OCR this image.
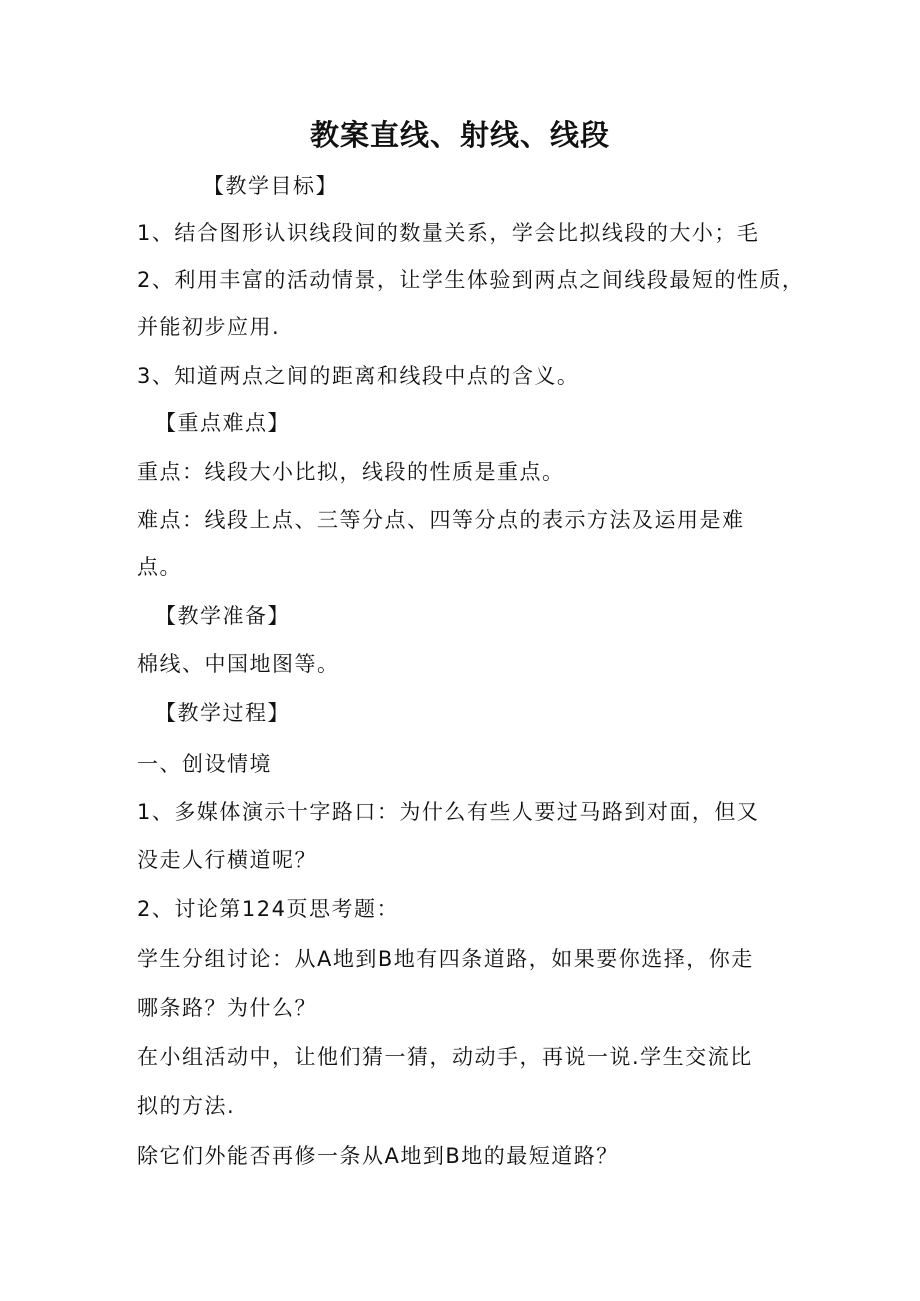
教案直线、射线、线段
【教学目标】
1、结合图形认识线段间的数量关系，学会比拟线段的大小；毛
2、利用丰富的活动情景，让学生体验到两点之间线段最短的性质，
并能初步应用.
3、知道两点之间的距离和线段中点的含义。
【重点难点】
重点：线段大小比拟，线段的性质是重点。
难点：线段上点、三等分点、四等分点的表示方法及运用是难
点。
【教学准备】
棉线、中国地图等。
【教学过程】
一、创设情境
1、多媒体演示十字路口：为什么有些人要过马路到对面，但又
没走人行横道呢？
2、讨论第124页思考题：
学生分组讨论：从A地到B地有四条道路，如果要你选择，你走
哪条路？为什么？
在小组活动中，让他们猜一猜，动动手，再说一说.学生交流比
拟的方法.
除它们外能否再修一条从A地到B地的最短道路？
